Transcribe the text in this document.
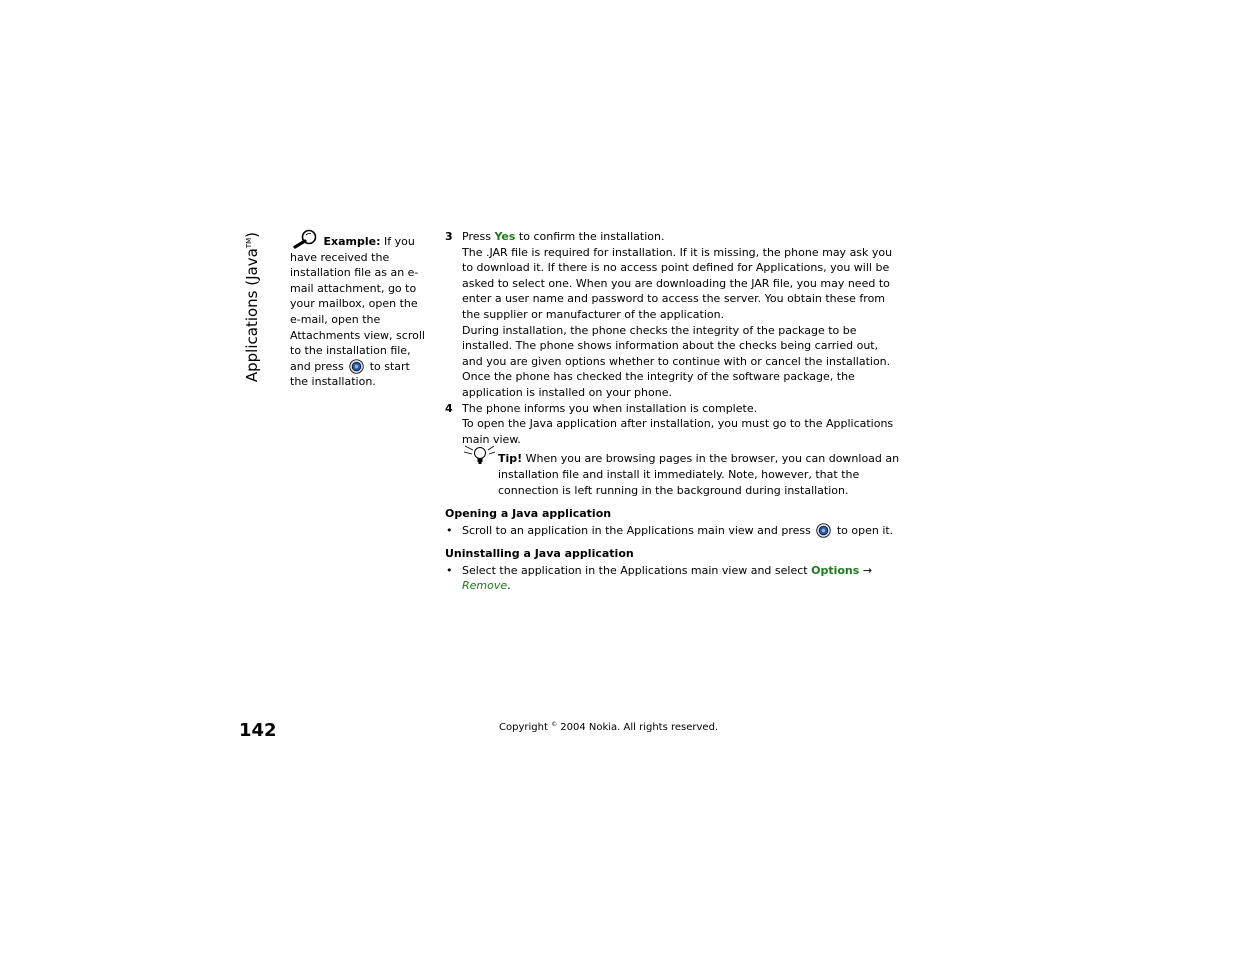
Applications (Java™)
Example: If you have received the installation file as an e-mail attachment, go to your mailbox, open the e-mail, open the Attachments view, scroll to the installation file, and press to start the installation.
3 Press Yes to confirm the installation.
The .JAR file is required for installation. If it is missing, the phone may ask you to download it. If there is no access point defined for Applications, you will be asked to select one. When you are downloading the JAR file, you may need to enter a user name and password to access the server. You obtain these from the supplier or manufacturer of the application.
During installation, the phone checks the integrity of the package to be installed. The phone shows information about the checks being carried out, and you are given options whether to continue with or cancel the installation. Once the phone has checked the integrity of the software package, the application is installed on your phone.
4 The phone informs you when installation is complete.
To open the Java application after installation, you must go to the Applications main view.
Tip! When you are browsing pages in the browser, you can download an installation file and install it immediately. Note, however, that the connection is left running in the background during installation.
Opening a Java application
• Scroll to an application in the Applications main view and press to open it.
Uninstalling a Java application
• Select the application in the Applications main view and select Options → Remove.
142	Copyright © 2004 Nokia. All rights reserved.
